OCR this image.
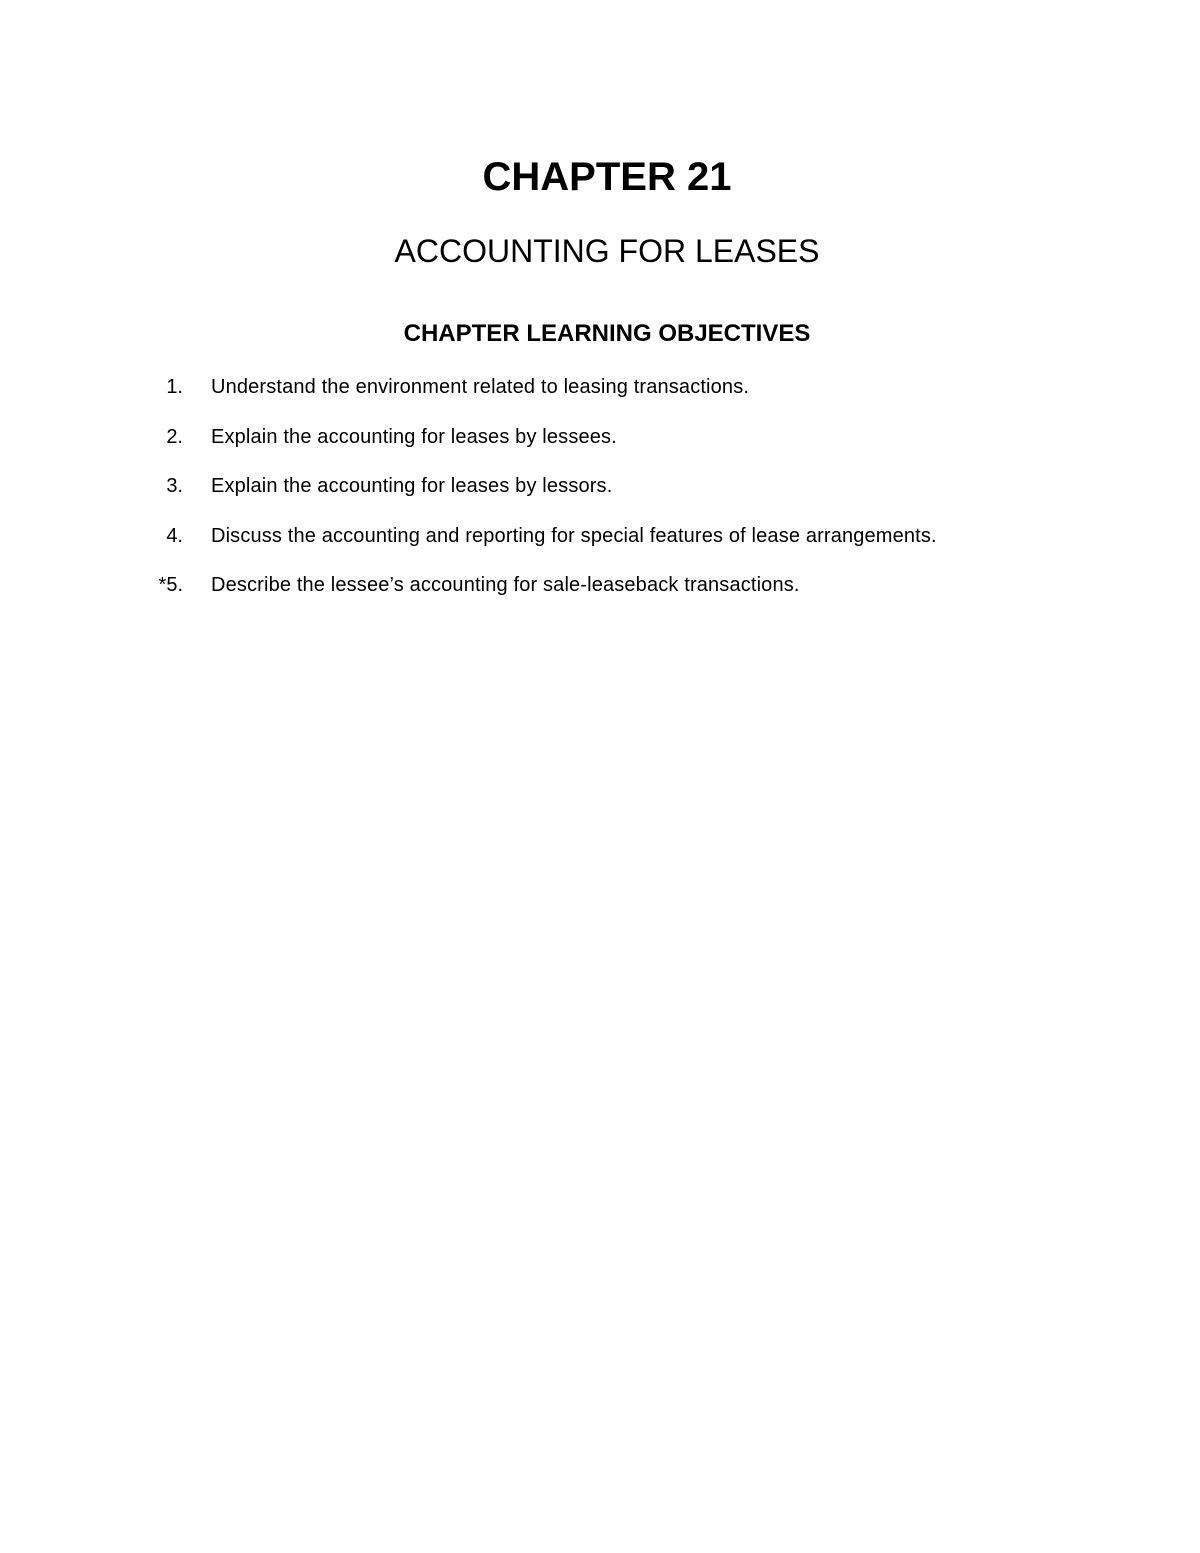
CHAPTER 21
ACCOUNTING FOR LEASES
CHAPTER LEARNING OBJECTIVES
1. Understand the environment related to leasing transactions.
2. Explain the accounting for leases by lessees.
3. Explain the accounting for leases by lessors.
4. Discuss the accounting and reporting for special features of lease arrangements.
*5. Describe the lessee’s accounting for sale-leaseback transactions.
